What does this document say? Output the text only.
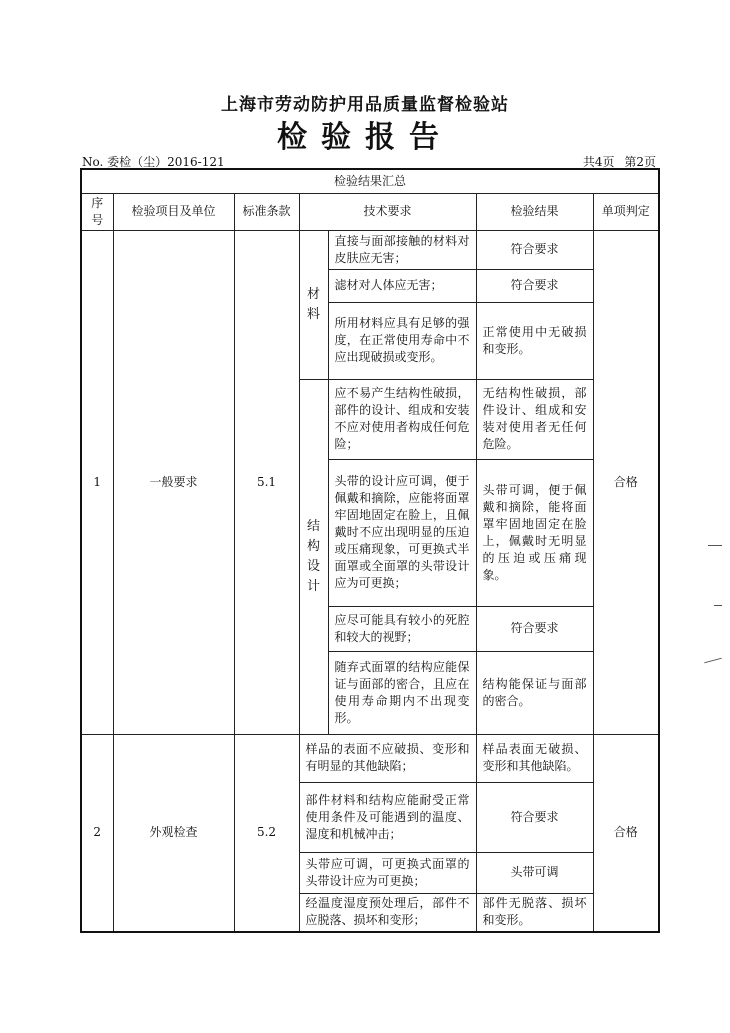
上海市劳动防护用品质量监督检验站
检验报告
No. 委检（尘）2016-121	共4页 第2页
检验结果汇总						
序号	检验项目及单位	标准条款	技术要求		检验结果	单项判定
1	一般要求	5.1	材料	直接与面部接触的材料对皮肤应无害；	符合要求	合格
				滤材对人体应无害；	符合要求	
				所用材料应具有足够的强度，在正常使用寿命中不应出现破损或变形。	正常使用中无破损和变形。	
			结构设计	应不易产生结构性破损，部件的设计、组成和安装不应对使用者构成任何危险；	无结构性破损，部件设计、组成和安装对使用者无任何危险。	
				头带的设计应可调，便于佩戴和摘除，应能将面罩牢固地固定在脸上，且佩戴时不应出现明显的压迫或压痛现象，可更换式半面罩或全面罩的头带设计应为可更换；	头带可调，便于佩戴和摘除，能将面罩牢固地固定在脸上，佩戴时无明显的压迫或压痛现象。	
				应尽可能具有较小的死腔和较大的视野；	符合要求	
				随弃式面罩的结构应能保证与面部的密合，且应在使用寿命期内不出现变形。	结构能保证与面部的密合。	
2	外观检查	5.2	样品的表面不应破损、变形和有明显的其他缺陷；		样品表面无破损、变形和其他缺陷。	合格
			部件材料和结构应能耐受正常使用条件及可能遇到的温度、湿度和机械冲击；		符合要求	
			头带应可调，可更换式面罩的头带设计应为可更换；		头带可调	
			经温度湿度预处理后，部件不应脱落、损坏和变形；		部件无脱落、损坏和变形。	
